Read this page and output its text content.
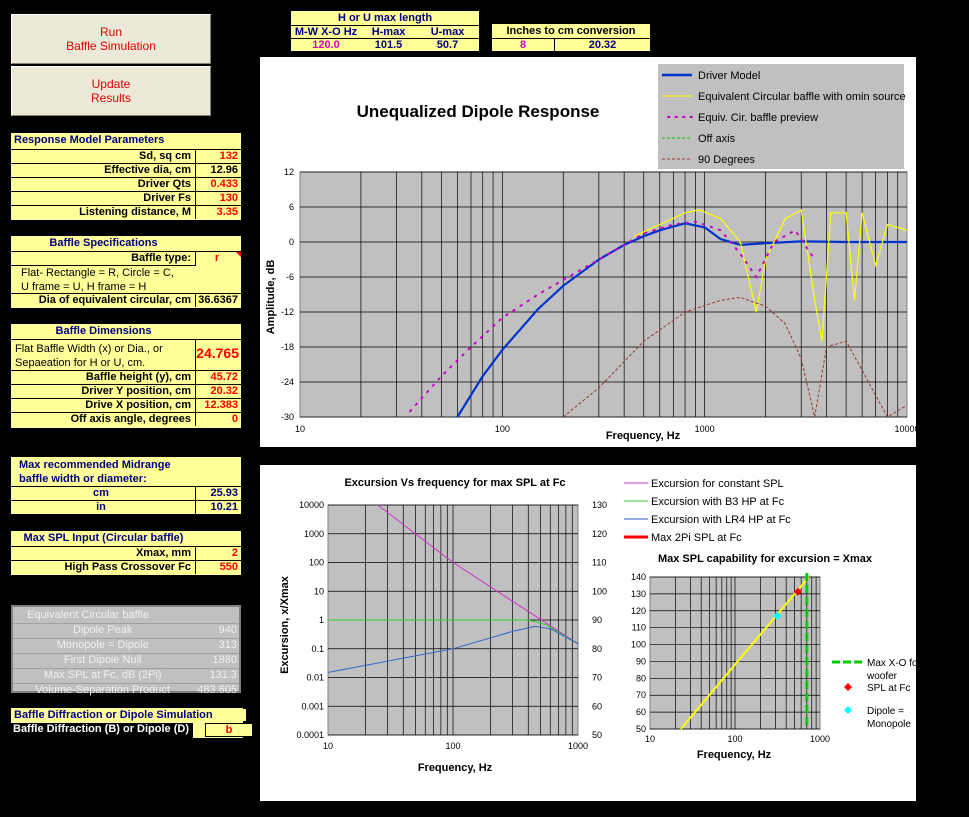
Run
Baffle Simulation
Update
Results
H or U max length
M-W X-O Hz	H-max	U-max
120.0	101.5	50.7
Inches to cm conversion
8	20.32
Response Model Parameters
Sd, sq cm	132
Effective dia, cm	12.96
Driver Qts	0.433
Driver Fs	130
Listening distance, M	3.35
Baffle Specifications
Baffle type:	r
Flat- Rectangle = R, Circle = C,
U frame = U, H frame = H
Dia of equivalent circular, cm 36.6367
Baffle Dimensions
Flat Baffle Width (x) or Dia., or
Sepaeation for H or U, cm.
24.765
Baffle height (y), cm	45.72
Driver Y position, cm	20.32
Drive X position, cm	12.383
Off axis angle, degrees	0
Max recommended Midrange
baffle width or diameter:
cm	25.93
in	10.21
Max SPL Input (Circular baffle)
Xmax, mm	2
High Pass Crossover Fc	550
Equivalent Circular baffle
Dipole Peak	940
Monopole = Dipole	313
First Dipole Null	1880
Max SPL at Fc, dB (2Pi)	131.3
Volume-Separation Product	483.605
Baffle Diffraction or Dipole Simulation
Baffle Diffraction (B) or Dipole (D)	b
Unequalized Dipole Response
Driver Model
Equivalent Circular baffle with omin source
Equiv. Cir. baffle preview
Off axis
90 Degrees
12
6
0
-6
-12
-18
-24
-30
10	100	1000	10000
Frequency, Hz
Amplitude, dB
Excursion Vs frequency for max SPL at Fc
Frequency, Hz
Excursion, x/Xmax
10000
1000
100
10
1
0.1
0.01
0.001
0.0001
130
120
110
100
90
80
70
60
50
10	100	1000
Excursion for constant SPL
Excursion with B3 HP at Fc
Excursion with LR4 HP at Fc
Max 2Pi SPL at Fc
Max SPL capability for excursion = Xmax
Frequency, Hz
140
130
120
110
100
90
80
70
60
50
10	100	1000
Max X-O for
woofer
SPL at Fc
Dipole =
Monopole
